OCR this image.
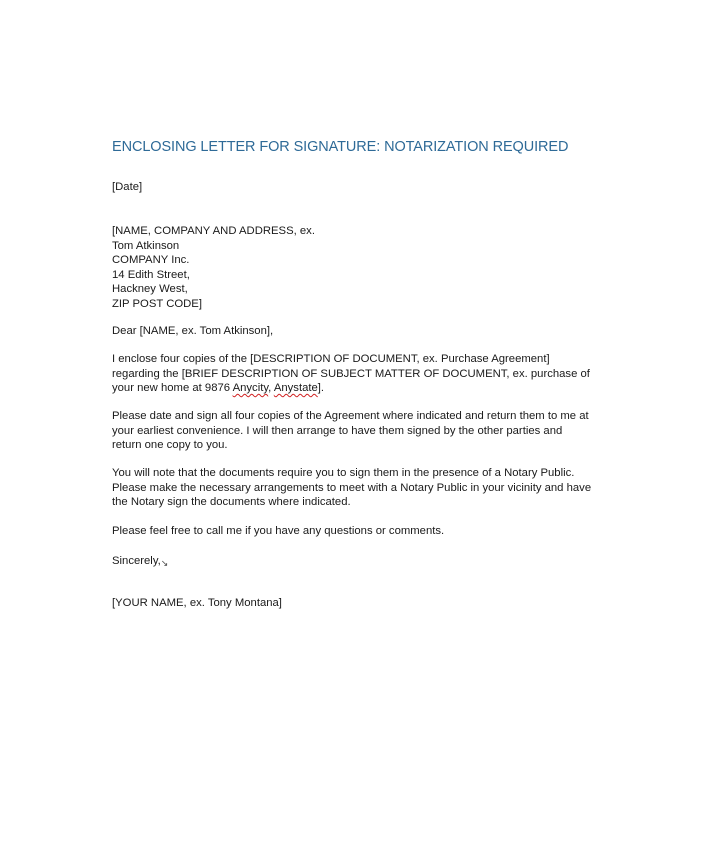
ENCLOSING LETTER FOR SIGNATURE: NOTARIZATION REQUIRED
[Date]
[NAME, COMPANY AND ADDRESS, ex.
Tom Atkinson
COMPANY Inc.
14 Edith Street,
Hackney West,
ZIP POST CODE]
Dear [NAME, ex. Tom Atkinson],
I enclose four copies of the [DESCRIPTION OF DOCUMENT, ex. Purchase Agreement]
regarding the [BRIEF DESCRIPTION OF SUBJECT MATTER OF DOCUMENT, ex. purchase of
your new home at 9876 Anycity, Anystate].
Please date and sign all four copies of the Agreement where indicated and return them to me at
your earliest convenience. I will then arrange to have them signed by the other parties and
return one copy to you.
You will note that the documents require you to sign them in the presence of a Notary Public.
Please make the necessary arrangements to meet with a Notary Public in your vicinity and have
the Notary sign the documents where indicated.
Please feel free to call me if you have any questions or comments.
Sincerely,↘
[YOUR NAME, ex. Tony Montana]
